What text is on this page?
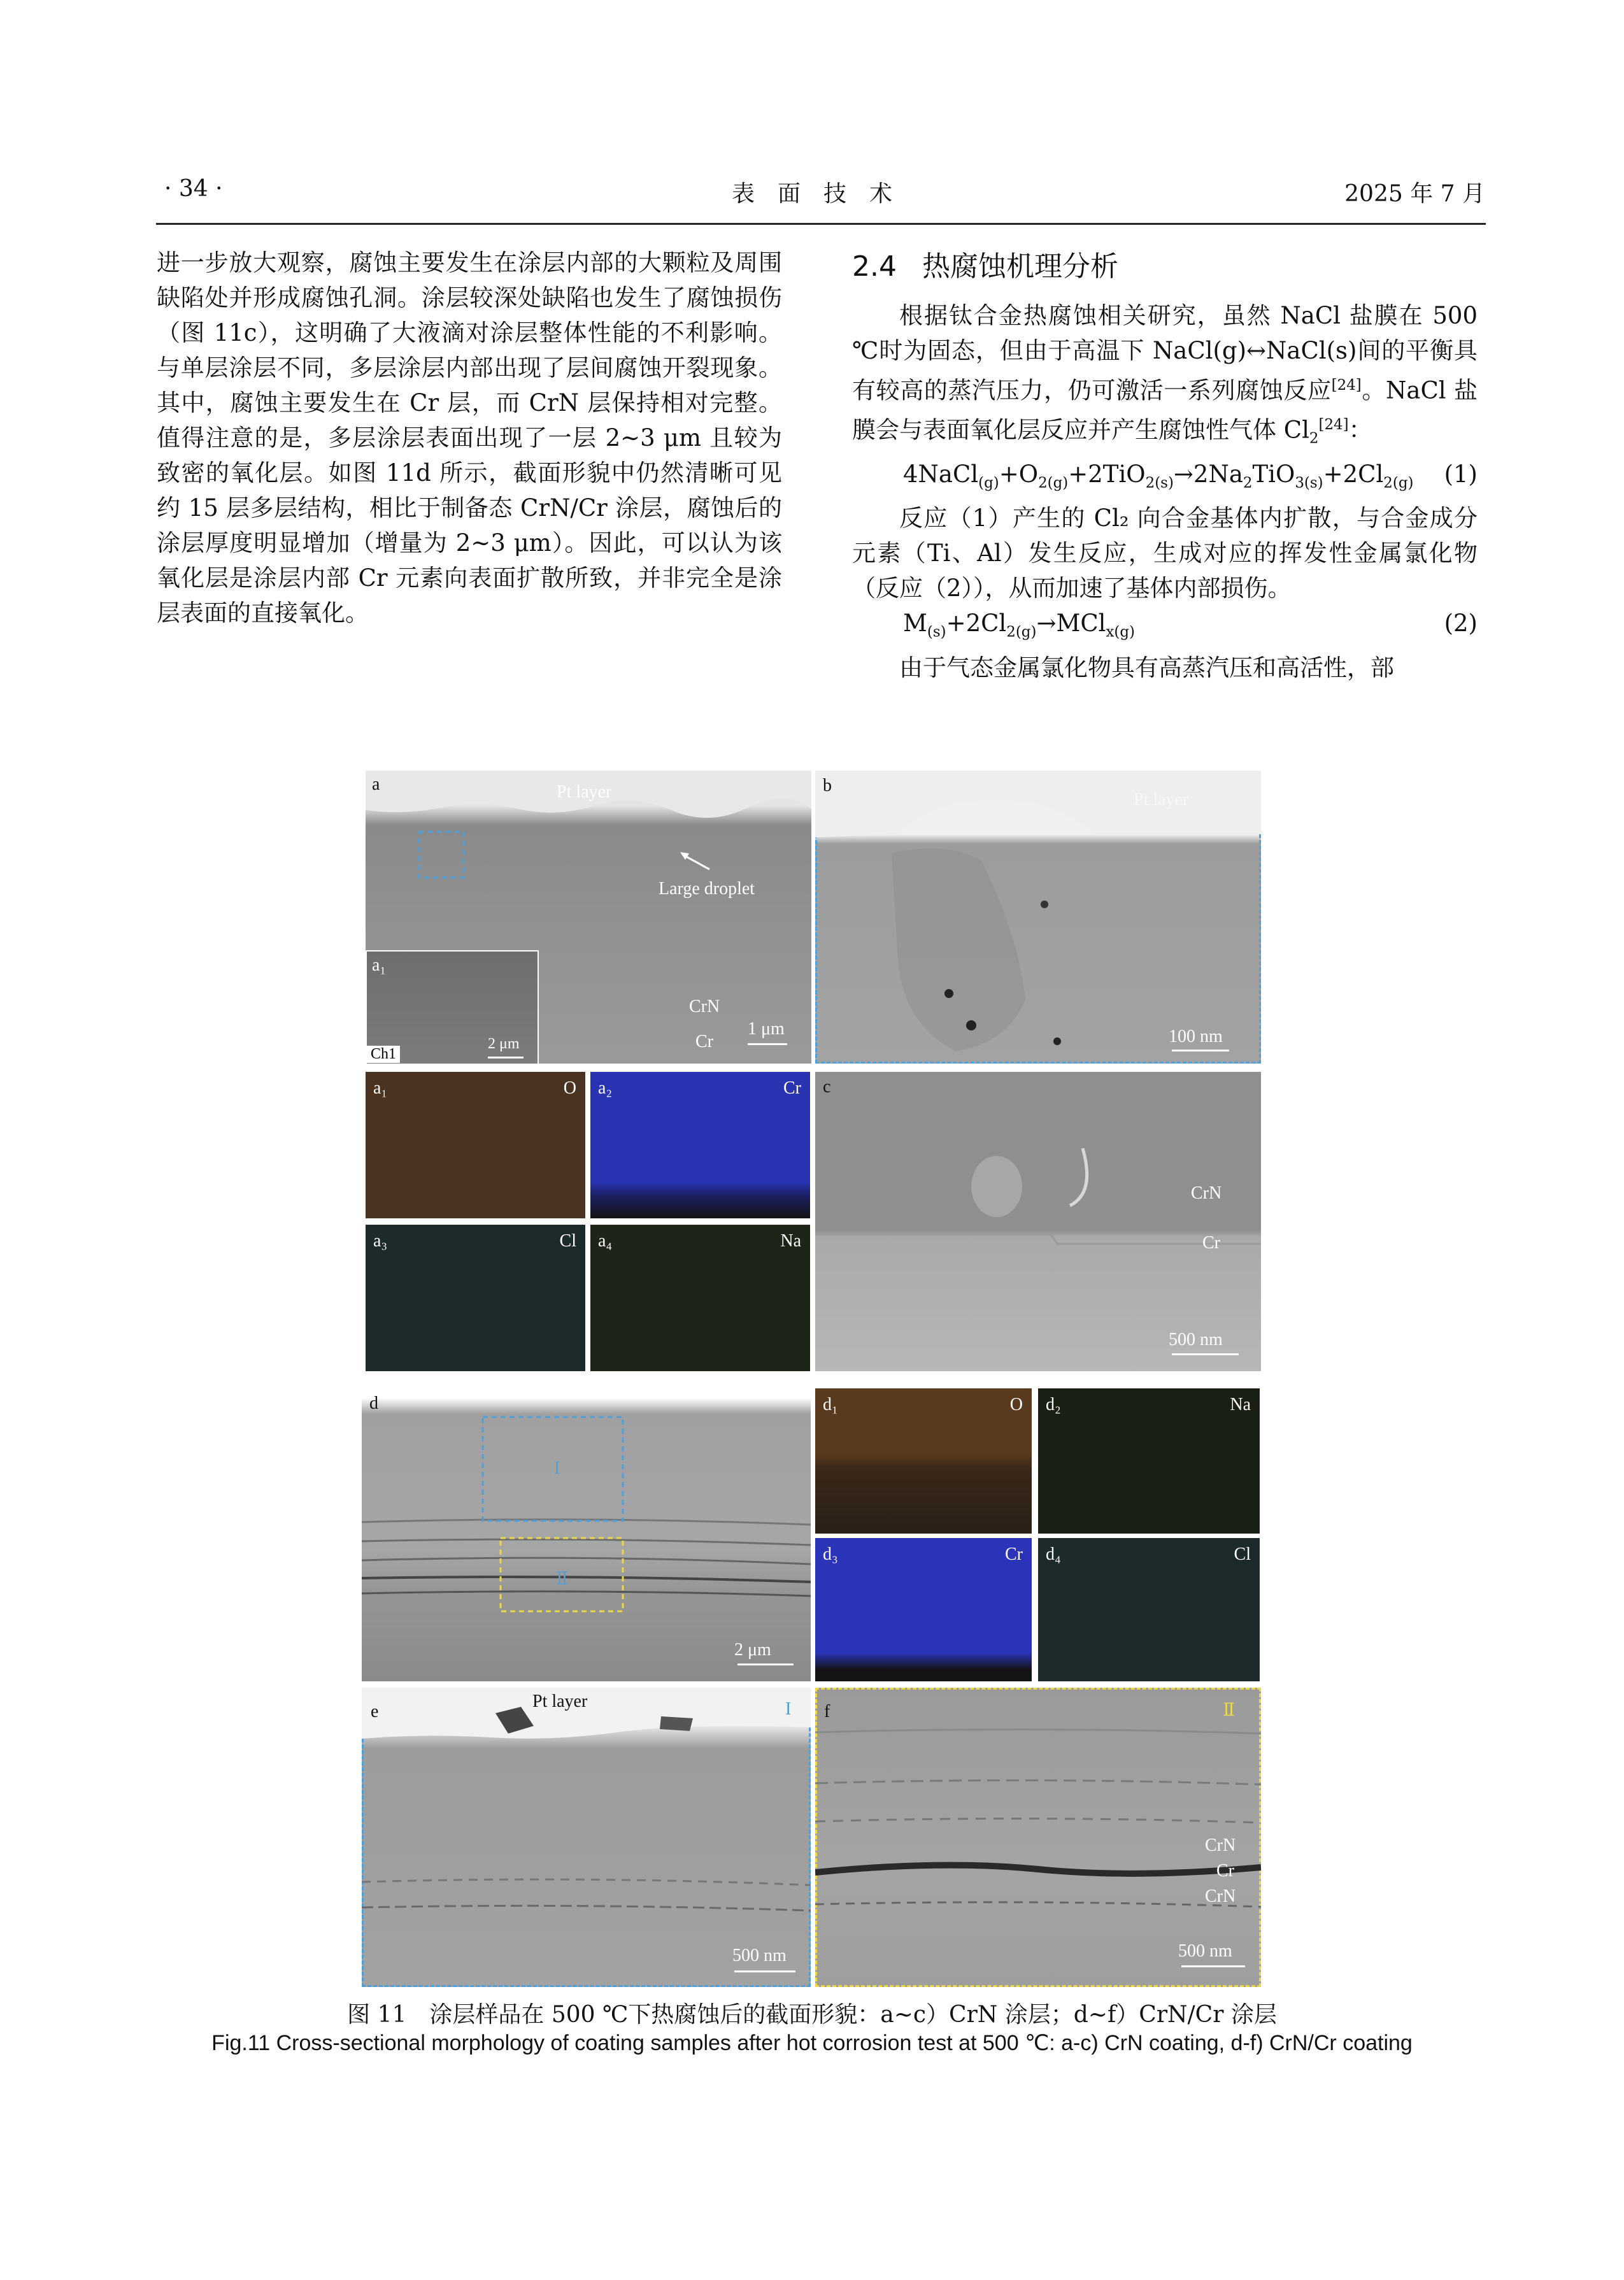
· 34 ·	表　面　技　术	2025 年 7 月

进一步放大观察，腐蚀主要发生在涂层内部的大颗粒及周围缺陷处并形成腐蚀孔洞。涂层较深处缺陷也发生了腐蚀损伤（图 11c），这明确了大液滴对涂层整体性能的不利影响。与单层涂层不同，多层涂层内部出现了层间腐蚀开裂现象。其中，腐蚀主要发生在 Cr 层，而 CrN 层保持相对完整。值得注意的是，多层涂层表面出现了一层 2~3 μm 且较为致密的氧化层。如图 11d 所示，截面形貌中仍然清晰可见约 15 层多层结构，相比于制备态 CrN/Cr 涂层，腐蚀后的涂层厚度明显增加（增量为 2~3 μm）。因此，可以认为该氧化层是涂层内部 Cr 元素向表面扩散所致，并非完全是涂层表面的直接氧化。

2.4 热腐蚀机理分析

根据钛合金热腐蚀相关研究，虽然 NaCl 盐膜在 500 ℃时为固态，但由于高温下 NaCl(g)↔NaCl(s)间的平衡具有较高的蒸汽压力，仍可激活一系列腐蚀反应[24]。NaCl 盐膜会与表面氧化层反应并产生腐蚀性气体 $Cl_2[24]$：

$4NaCl_{(g)}+O_{2(g)}+2TiO_{2(s)}\to 2Na_2TiO_{3(s)}+2Cl_{2(g)}$ (1)

反应（1）产生的 Cl₂ 向合金基体内扩散，与合金成分元素（Ti、Al）发生反应，生成对应的挥发性金属氯化物（反应（2）），从而加速了基体内部损伤。

$M_{(s)}+2Cl_{2(g)}\to MCl_{x(g)}$	(2)

由于气态金属氯化物具有高蒸汽压和高活性，部

a	Pt layer
Large droplet
CrN
Cr
1 μm
a₁
Ch1
2 μm
b
Pt layer
100 nm
a₁	O a₂	Cr
a₃	Cl a₄	Na
c
CrN
Cr
500 nm
d
I
Ⅱ
2 μm
d₁	O d₂	Na
d₃	Cr d₄	Cl
e
Pt layer	I
500 nm
f	Ⅱ
CrN
Cr
CrN
500 nm
图 11　涂层样品在 500 ℃下热腐蚀后的截面形貌：a~c）CrN 涂层；d~f）CrN/Cr 涂层
Fig.11 Cross-sectional morphology of coating samples after hot corrosion test at 500 ℃: a-c) CrN coating, d-f) CrN/Cr coating
